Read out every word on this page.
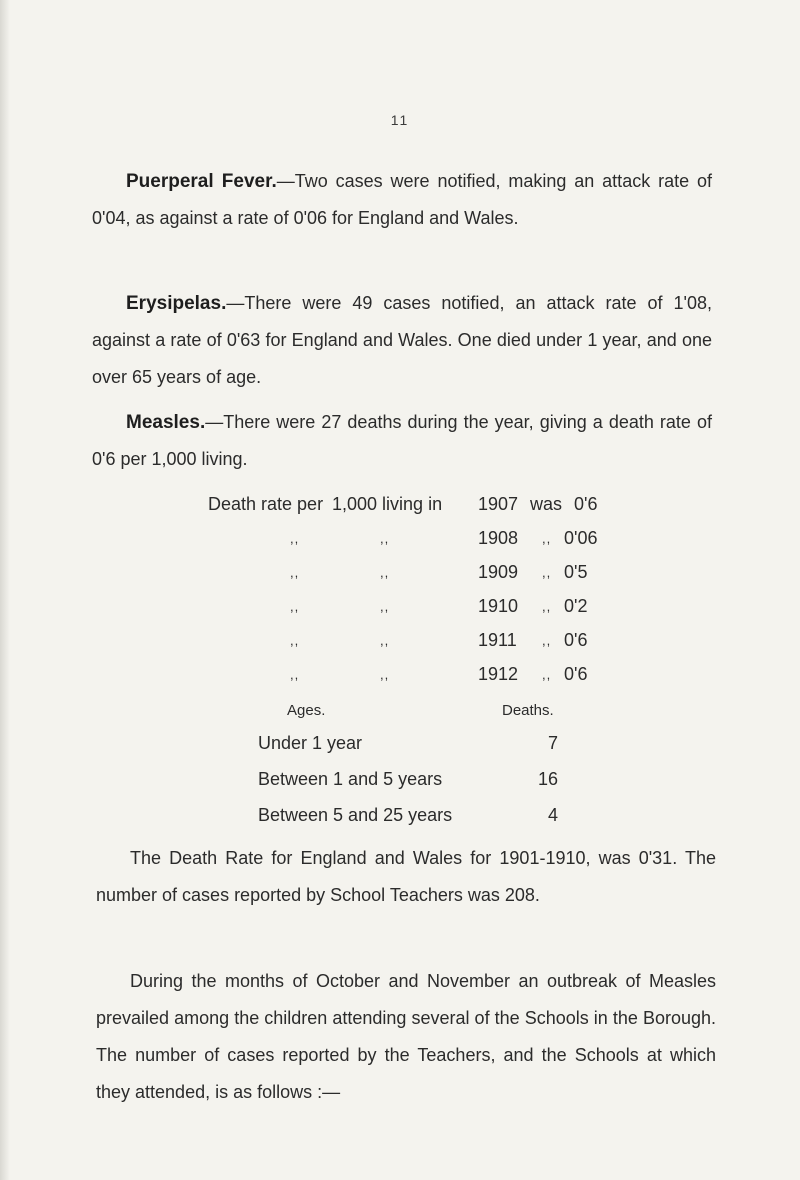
11

Puerperal Fever.—Two cases were notified, making an attack rate of 0'04, as against a rate of 0'06 for England and Wales.

Erysipelas.—There were 49 cases notified, an attack rate of 1'08, against a rate of 0'63 for England and Wales. One died under 1 year, and one over 65 years of age.

Measles.—There were 27 deaths during the year, giving a death rate of 0'6 per 1,000 living.

Death rate per 1,000 living in 1907 was 0'6
,,	,,	1908 ,, 0'06
,,	,,	1909 ,, 0'5
,,	,,	1910 ,, 0'2
,,	,,	1911 ,, 0'6
,,	,,	1912 ,, 0'6
Ages.	Deaths.
Under 1 year	7
Between 1 and 5 years	16
Between 5 and 25 years	4

The Death Rate for England and Wales for 1901-1910, was 0'31. The number of cases reported by School Teachers was 208.

During the months of October and November an outbreak of Measles prevailed among the children attending several of the Schools in the Borough. The number of cases reported by the Teachers, and the Schools at which they attended, is as follows :—
